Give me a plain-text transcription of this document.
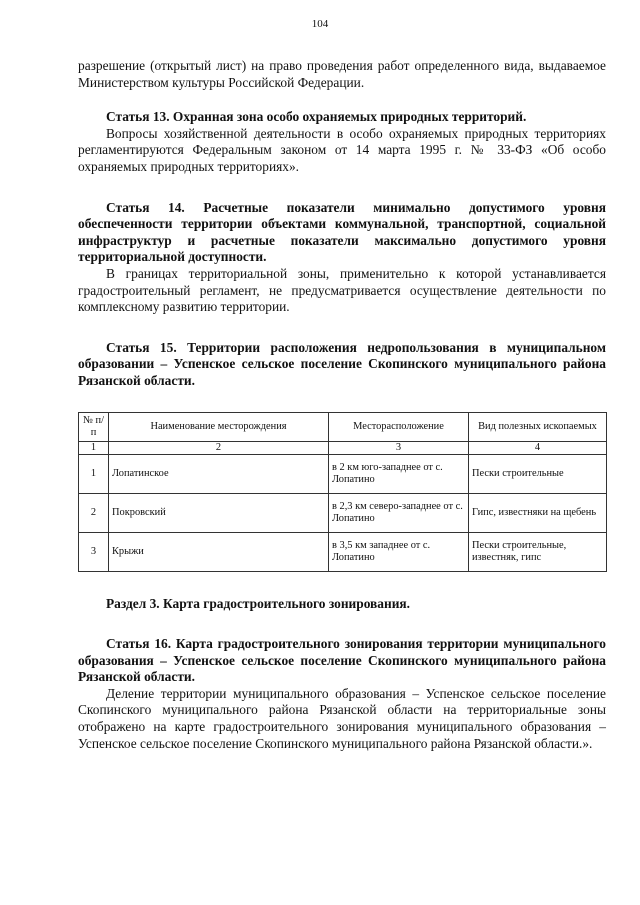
104

разрешение (открытый лист) на право проведения работ определенного вида, выдаваемое Министерством культуры Российской Федерации.

Статья 13. Охранная зона особо охраняемых природных территорий.

Вопросы хозяйственной деятельности в особо охраняемых природных территориях регламентируются Федеральным законом от 14 марта 1995 г. № 33-ФЗ «Об особо охраняемых природных территориях».

Статья 14. Расчетные показатели минимально допустимого уровня обеспеченности территории объектами коммунальной, транспортной, социальной инфраструктур и расчетные показатели максимально допустимого уровня территориальной доступности.

В границах территориальной зоны, применительно к которой устанавливается градостроительный регламент, не предусматривается осуществление деятельности по комплексному развитию территории.

Статья 15. Территории расположения недропользования в муниципальном образовании – Успенское сельское поселение Скопинского муниципального района Рязанской области.

№ п/п	Наименование месторождения	Месторасположение	Вид полезных ископаемых
1	2	3	4
1	Лопатинское	в 2 км юго-западнее от с. Лопатино	Пески строительные
2	Покровский	в 2,3 км северо-западнее от с. Лопатино	Гипс, известняки на щебень
3	Крыжи	в 3,5 км западнее от с. Лопатино	Пески строительные, известняк, гипс

Раздел 3. Карта градостроительного зонирования.

Статья 16. Карта градостроительного зонирования территории муниципального образования – Успенское сельское поселение Скопинского муниципального района Рязанской области.

Деление территории муниципального образования – Успенское сельское поселение Скопинского муниципального района Рязанской области на территориальные зоны отображено на карте градостроительного зонирования муниципального образования – Успенское сельское поселение Скопинского муниципального района Рязанской области.».
